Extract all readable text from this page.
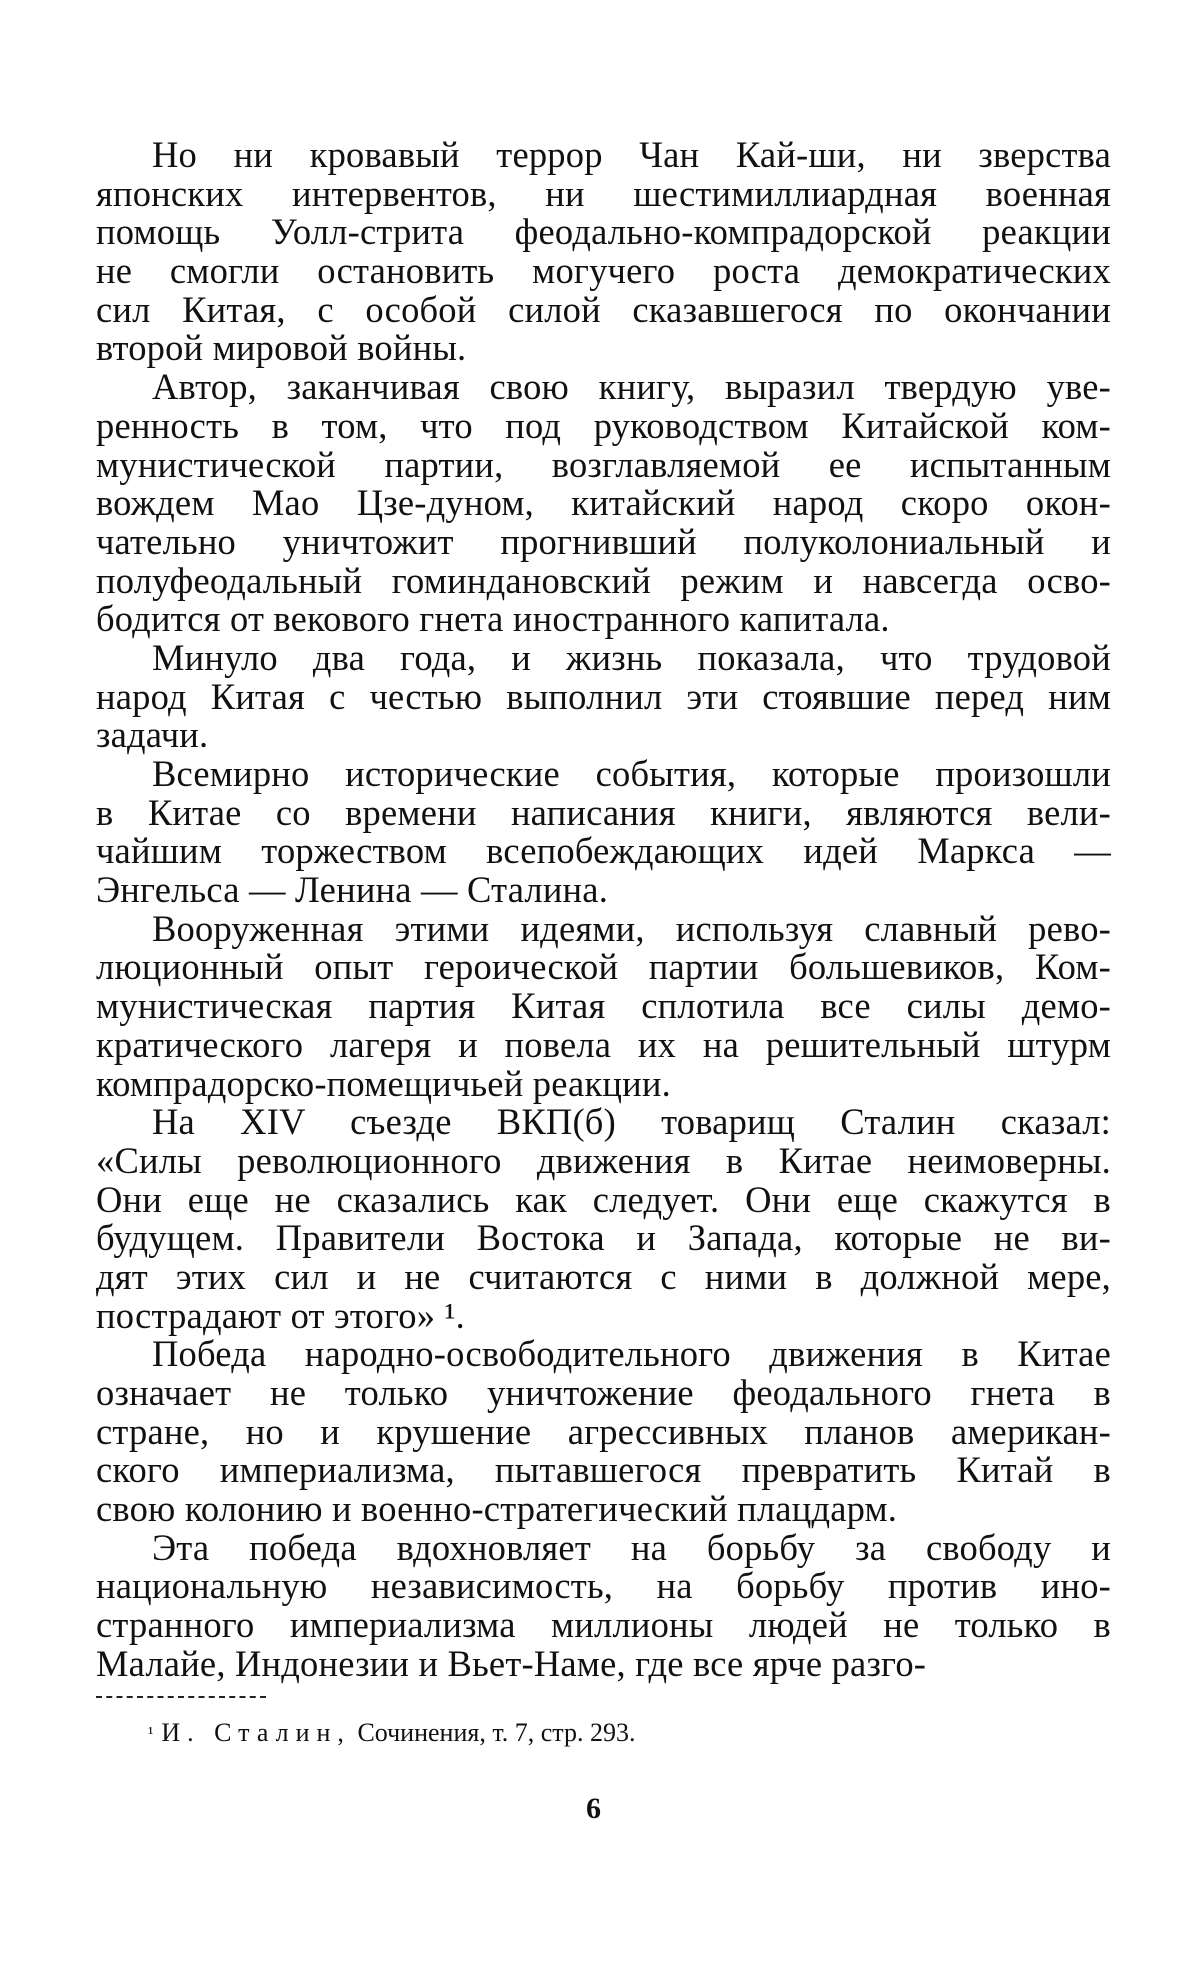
Но ни кровавый террор Чан Кай-ши, ни зверства
японских интервентов, ни шестимиллиардная военная
помощь Уолл-стрита феодально-компрадорской реакции
не смогли остановить могучего роста демократических
сил Китая, с особой силой сказавшегося по окончании
второй мировой войны.
Автор, заканчивая свою книгу, выразил твердую уве-
ренность в том, что под руководством Китайской ком-
мунистической партии, возглавляемой ее испытанным
вождем Мао Цзе-дуном, китайский народ скоро окон-
чательно уничтожит прогнивший полуколониальный и
полуфеодальный гоминдановский режим и навсегда осво-
бодится от векового гнета иностранного капитала.
Минуло два года, и жизнь показала, что трудовой
народ Китая с честью выполнил эти стоявшие перед ним
задачи.
Всемирно исторические события, которые произошли
в Китае со времени написания книги, являются вели-
чайшим торжеством всепобеждающих идей Маркса —
Энгельса — Ленина — Сталина.
Вооруженная этими идеями, используя славный рево-
люционный опыт героической партии большевиков, Ком-
мунистическая партия Китая сплотила все силы демо-
кратического лагеря и повела их на решительный штурм
компрадорско-помещичьей реакции.
На XIV съезде ВКП(б) товарищ Сталин сказал:
«Силы революционного движения в Китае неимоверны.
Они еще не сказались как следует. Они еще скажутся в
будущем. Правители Востока и Запада, которые не ви-
дят этих сил и не считаются с ними в должной мере,
пострадают от этого» ¹.
Победа народно-освободительного движения в Китае
означает не только уничтожение феодального гнета в
стране, но и крушение агрессивных планов американ-
ского империализма, пытавшегося превратить Китай в
свою колонию и военно-стратегический плацдарм.
Эта победа вдохновляет на борьбу за свободу и
национальную независимость, на борьбу против ино-
странного империализма миллионы людей не только в
Малайе, Индонезии и Вьет-Наме, где все ярче разго-
$^{^1}$ И. Сталин, Сочинения, т. 7, стр. 293.
6
